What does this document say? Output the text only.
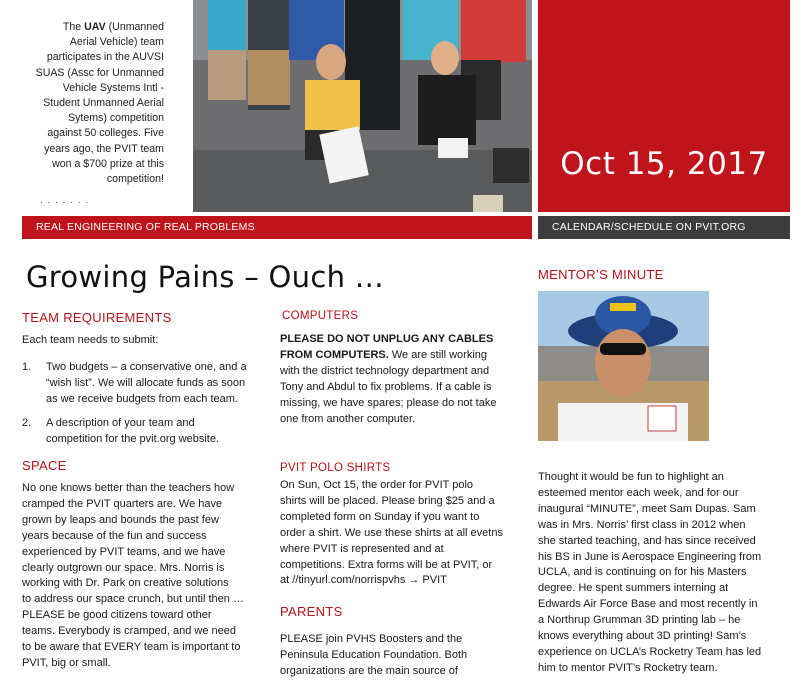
The UAV (Unmanned
Aerial Vehicle) team
participates in the AUVSI
SUAS (Assc for Unmanned
Vehicle Systems Intl -
Student Unmanned Aerial
Sytems) competition
against 50 colleges. Five
years ago, the PVIT team
won a $700 prize at this
competition!
. . . . . . .
Oct 15, 2017
REAL ENGINEERING OF REAL PROBLEMS	CALENDAR/SCHEDULE ON PVIT.ORG
Growing Pains – Ouch …
TEAM REQUIREMENTS
Each team needs to submit:
1. Two budgets – a conservative one, and a
“wish list”. We will allocate funds as soon
as we receive budgets from each team.
2. A description of your team and
competition for the pvit.org website.
SPACE
No one knows better than the teachers how
cramped the PVIT quarters are. We have
grown by leaps and bounds the past few
years because of the fun and success
experienced by PVIT teams, and we have
clearly outgrown our space. Mrs. Norris is
working with Dr. Park on creative solutions
to address our space crunch, but until then …
PLEASE be good citizens toward other
teams. Everybody is cramped, and we need
to be aware that EVERY team is important to
PVIT, big or small.
COMPUTERS
PLEASE DO NOT UNPLUG ANY CABLES
FROM COMPUTERS. We are still working
with the district technology department and
Tony and Abdul to fix problems. If a cable is
missing, we have spares; please do not take
one from another computer.
PVIT POLO SHIRTS
On Sun, Oct 15, the order for PVIT polo
shirts will be placed. Please bring $25 and a
completed form on Sunday if you want to
order a shirt. We use these shirts at all evetns
where PVIT is represented and at
competitions. Extra forms will be at PVIT, or
at //tinyurl.com/norrispvhs → PVIT
PARENTS
PLEASE join PVHS Boosters and the
Peninsula Education Foundation. Both
organizations are the main source of
MENTOR’S MINUTE
Thought it would be fun to highlight an
esteemed mentor each week, and for our
inaugural “MINUTE”, meet Sam Dupas. Sam
was in Mrs. Norris’ first class in 2012 when
she started teaching, and has since received
his BS in June is Aerospace Engineering from
UCLA, and is continuing on for his Masters
degree. He spent summers interning at
Edwards Air Force Base and most recently in
a Northrup Grumman 3D printing lab – he
knows everything about 3D printing! Sam’s
experience on UCLA’s Rocketry Team has led
him to mentor PVIT’s Rocketry team.
